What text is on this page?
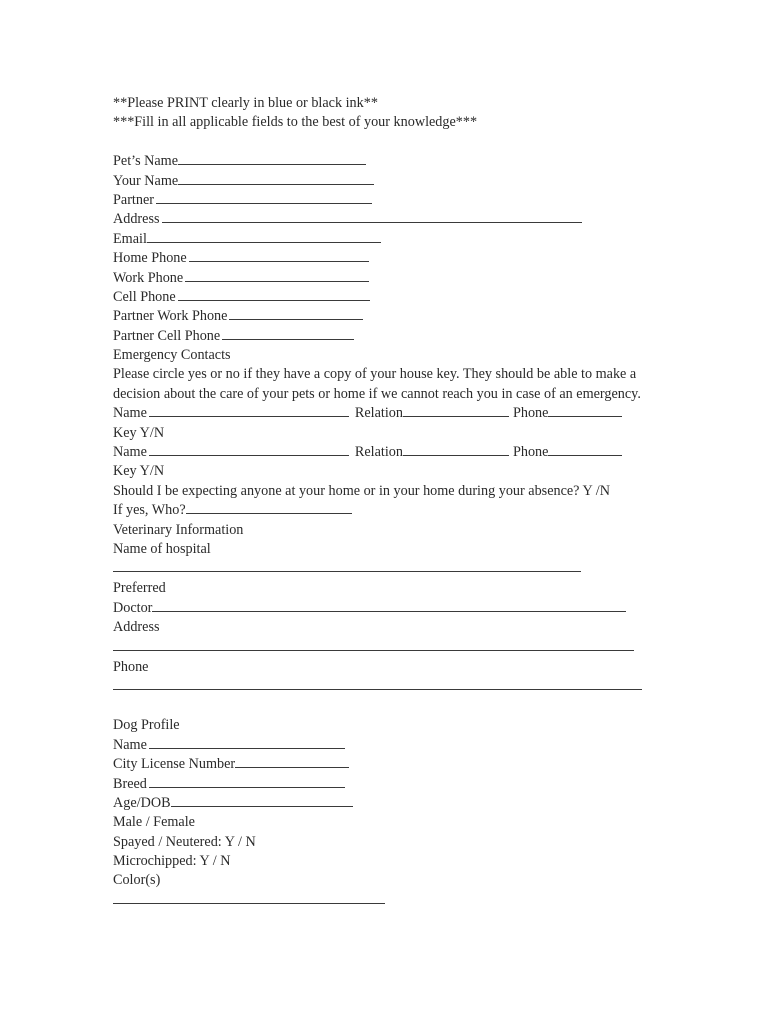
**Please PRINT clearly in blue or black ink**
***Fill in all applicable fields to the best of your knowledge***
Pet’s Name
Your Name
Partner
Address
Email
Home Phone
Work Phone
Cell Phone
Partner Work Phone
Partner Cell Phone
Emergency Contacts
Please circle yes or no if they have a copy of your house key. They should be able to make a decision about the care of your pets or home if we cannot reach you in case of an emergency.
Name	Relation	Phone
Key Y/N
Name	Relation	Phone
Key Y/N
Should I be expecting anyone at your home or in your home during your absence? Y /N
If yes, Who?
Veterinary Information
Name of hospital
Preferred
Doctor
Address
Phone
Dog Profile
Name
City License Number
Breed
Age/DOB
Male / Female
Spayed / Neutered: Y / N
Microchipped: Y / N
Color(s)
